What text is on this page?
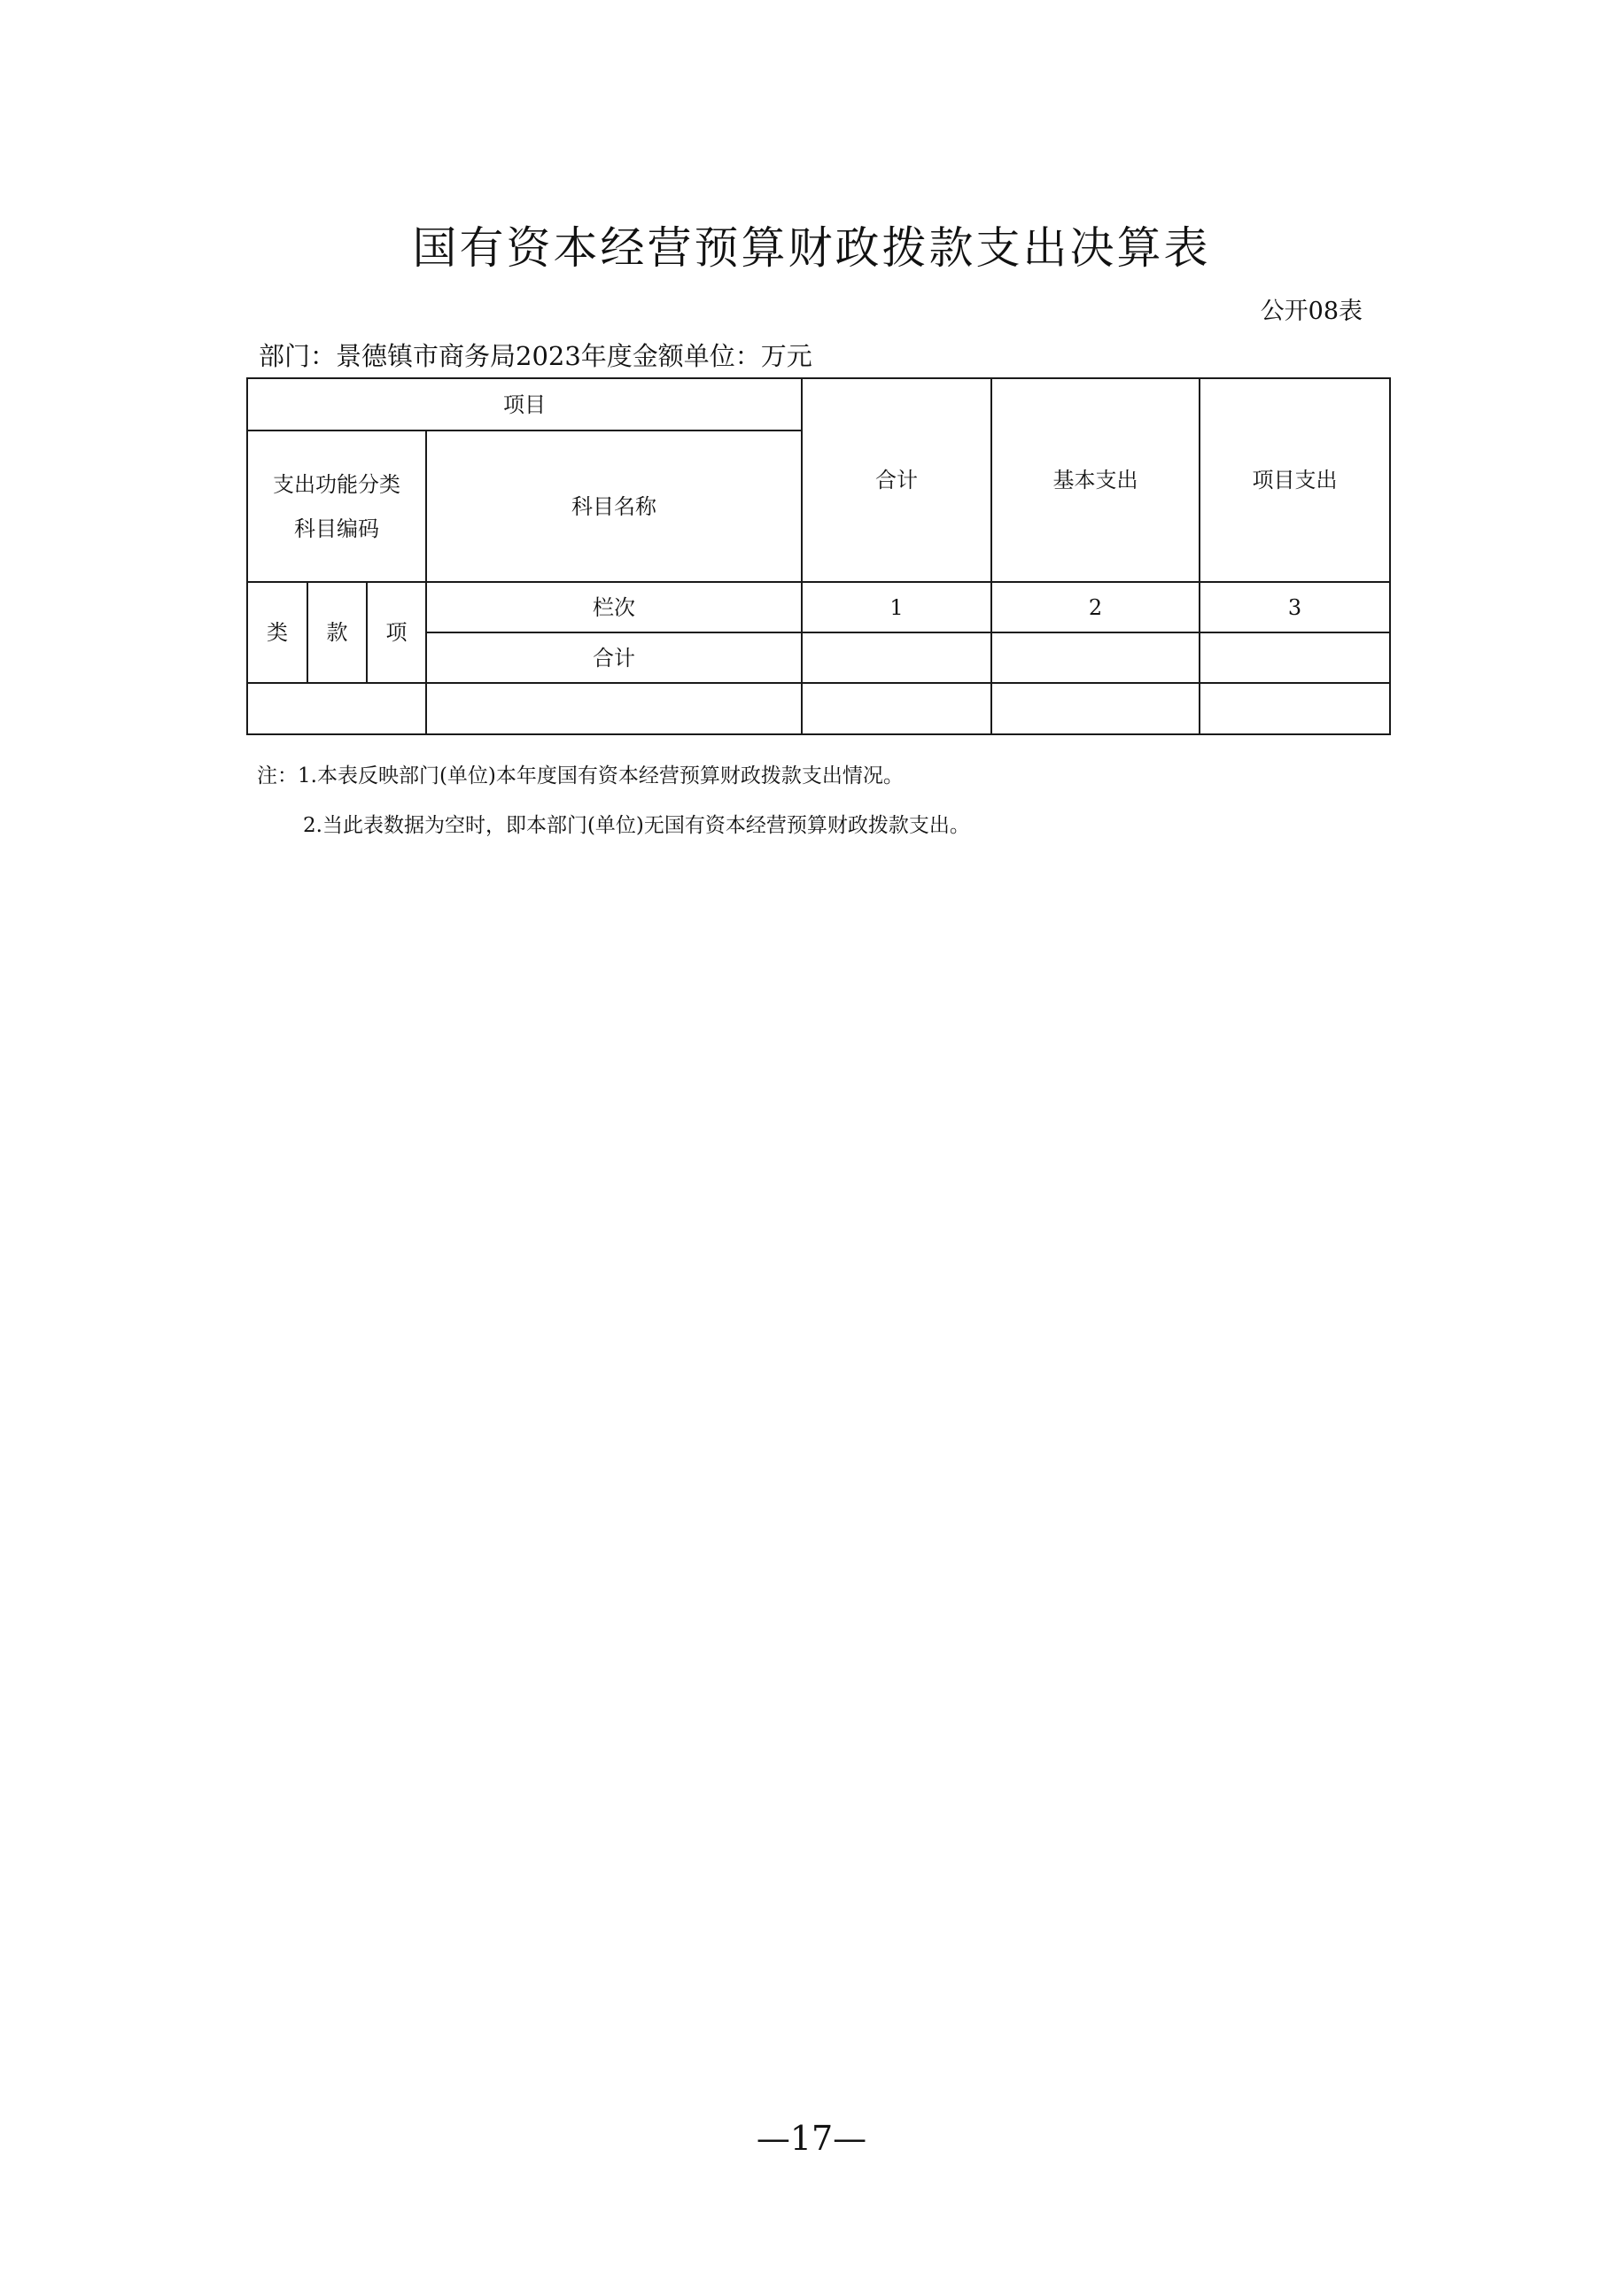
国有资本经营预算财政拨款支出决算表
公开08表
部门：景德镇市商务局2023年度金额单位：万元
项目				合计	基本支出	项目支出

支出功能分类
科目编码			科目名称			
类	款	项	栏次	1	2	3
			合计			

注：1.本表反映部门(单位)本年度国有资本经营预算财政拨款支出情况。
2.当此表数据为空时，即本部门(单位)无国有资本经营预算财政拨款支出。
—17—
